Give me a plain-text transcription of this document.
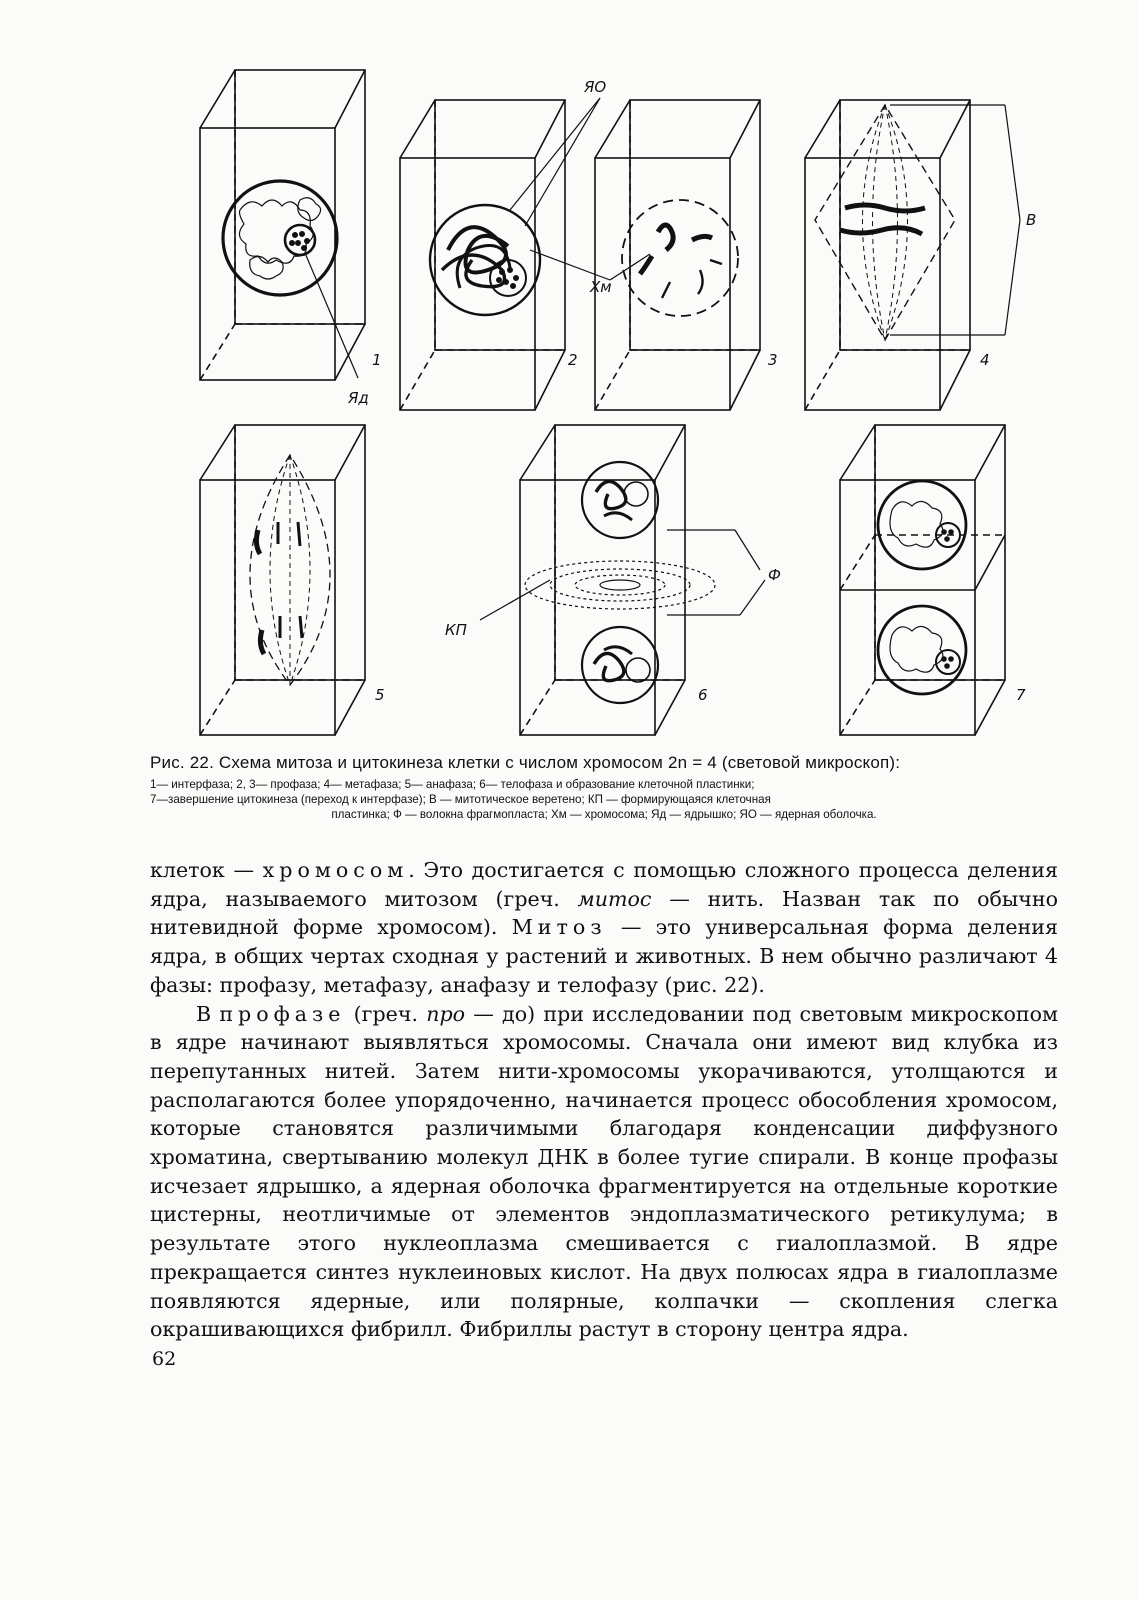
Яд
ЯО
Хм
В
Ф
КП
1	2	3	4
5	6	7
Рис. 22. Схема митоза и цитокинеза клетки с числом хромосом 2n = 4 (световой микроскоп):

1— интерфаза; 2, 3— профаза; 4— метафаза; 5— анафаза; 6— телофаза и образование клеточной пластинки;

7—завершение цитокинеза (переход к интерфазе); В — митотическое веретено; КП — формирующаяся клеточная

пластинка; Ф — волокна фрагмопласта; Хм — хромосома; Яд — ядрышко; ЯО — ядерная оболочка.

клеток — хромосом. Это достигается с помощью сложного процесса деления ядра, называемого митозом (греч. митос — нить. Назван так по обычно нитевидной форме хромосом). Митоз — это универсальная форма деления ядра, в общих чертах сходная у растений и животных. В нем обычно различают 4 фазы: профазу, метафазу, анафазу и телофазу (рис. 22).

В профазе (греч. про — до) при исследовании под световым микроскопом в ядре начинают выявляться хромосомы. Сначала они имеют вид клубка из перепутанных нитей. Затем нити-хромосомы укорачиваются, утолщаются и располагаются более упорядоченно, начинается процесс обособления хромосом, которые становятся различимыми благодаря конденсации диффузного хроматина, свертыванию молекул ДНК в более тугие спирали. В конце профазы исчезает ядрышко, а ядерная оболочка фрагментируется на отдельные короткие цистерны, неотличимые от элементов эндоплазматического ретикулума; в результате этого нуклеоплазма смешивается с гиалоплазмой. В ядре прекращается синтез нуклеиновых кислот. На двух полюсах ядра в гиалоплазме появляются ядерные, или полярные, колпачки — скопления слегка окрашивающихся фибрилл. Фибриллы растут в сторону центра ядра.

62
